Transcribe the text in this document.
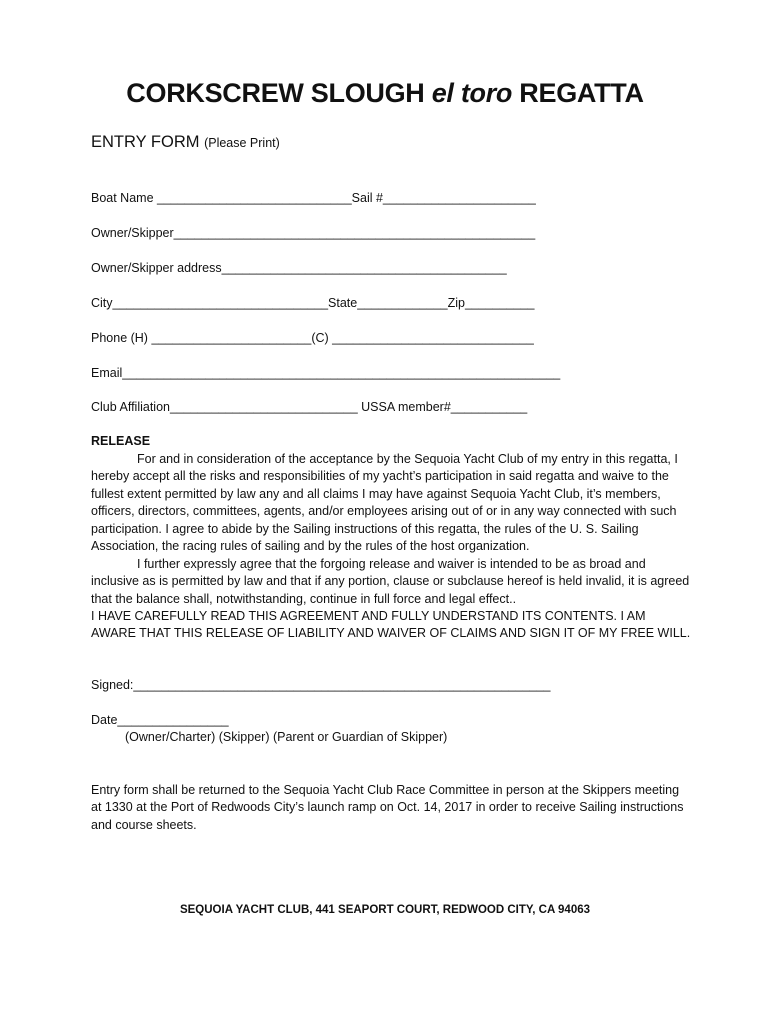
CORKSCREW SLOUGH el toro REGATTA
ENTRY FORM (Please Print)
Boat Name ____________________________Sail #______________________
Owner/Skipper____________________________________________________
Owner/Skipper address_________________________________________
City_______________________________State_____________Zip__________
Phone (H) _______________________(C) _____________________________
Email_______________________________________________________________
Club Affiliation___________________________ USSA member#___________
RELEASE
For and in consideration of the acceptance by the Sequoia Yacht Club of my entry in this regatta, I hereby accept all the risks and responsibilities of my yacht’s participation in said regatta and waive to the fullest extent permitted by law any and all claims I may have against Sequoia Yacht Club, it’s members, officers, directors, committees, agents, and/or employees arising out of or in any way connected with such participation. I agree to abide by the Sailing instructions of this regatta, the rules of the U. S. Sailing Association, the racing rules of sailing and by the rules of the host organization.
I further expressly agree that the forgoing release and waiver is intended to be as broad and inclusive as is permitted by law and that if any portion, clause or subclause hereof is held invalid, it is agreed that the balance shall, notwithstanding, continue in full force and legal effect..
I HAVE CAREFULLY READ THIS AGREEMENT AND FULLY UNDERSTAND ITS CONTENTS. I AM AWARE THAT THIS RELEASE OF LIABILITY AND WAIVER OF CLAIMS AND SIGN IT OF MY FREE WILL.
Signed:____________________________________________________________
Date________________
(Owner/Charter) (Skipper) (Parent or Guardian of Skipper)
Entry form shall be returned to the Sequoia Yacht Club Race Committee in person at the Skippers meeting at 1330 at the Port of Redwoods City’s launch ramp on Oct. 14, 2017 in order to receive Sailing instructions and course sheets.
SEQUOIA YACHT CLUB, 441 SEAPORT COURT, REDWOOD CITY, CA 94063
